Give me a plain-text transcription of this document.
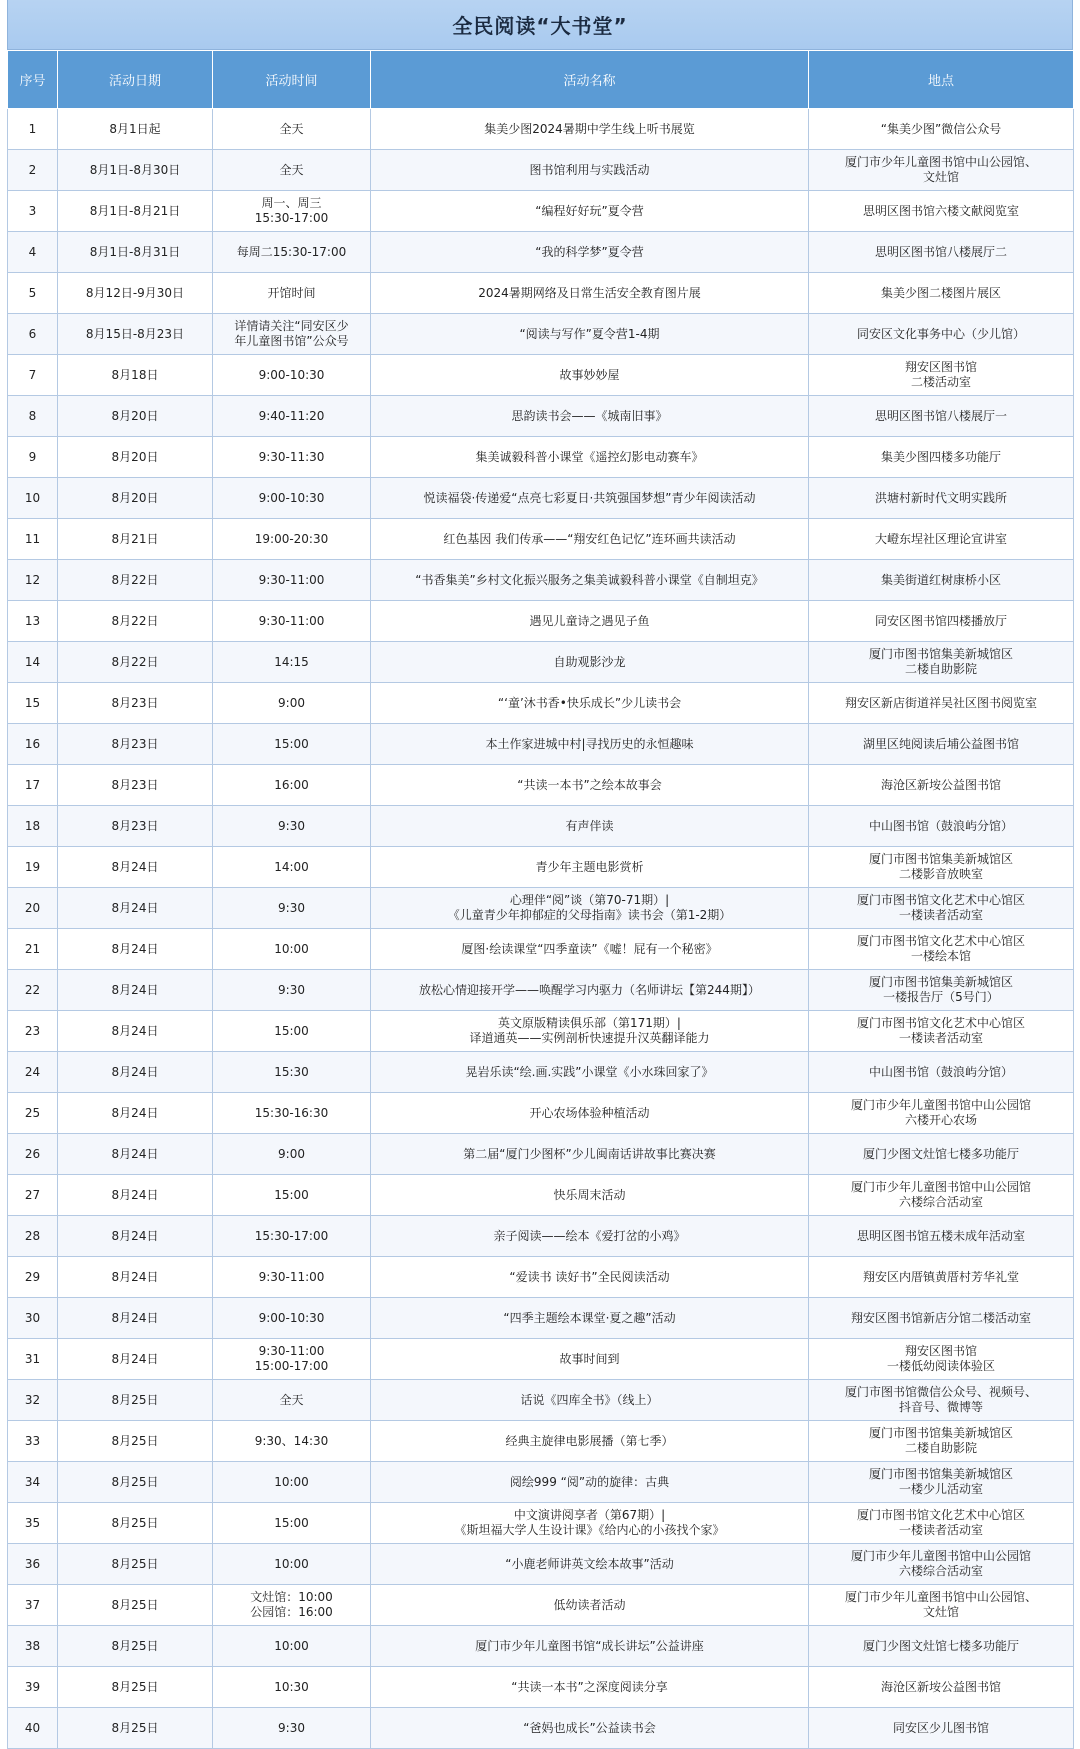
全民阅读“大书堂”
序号	活动日期	活动时间	活动名称	地点
1	8月1日起	全天	集美少图2024暑期中学生线上听书展览	“集美少图”微信公众号
2	8月1日-8月30日	全天	图书馆利用与实践活动	厦门市少年儿童图书馆中山公园馆、
文灶馆
3	8月1日-8月21日	周一、周三
15:30-17:00	“编程好好玩”夏令营	思明区图书馆六楼文献阅览室
4	8月1日-8月31日	每周二15:30-17:00	“我的科学梦”夏令营	思明区图书馆八楼展厅二
5	8月12日-9月30日	开馆时间	2024暑期网络及日常生活安全教育图片展	集美少图二楼图片展区
6	8月15日-8月23日	详情请关注“同安区少
年儿童图书馆”公众号	“阅读与写作”夏令营1-4期	同安区文化事务中心（少儿馆）
7	8月18日	9:00-10:30	故事妙妙屋	翔安区图书馆
二楼活动室
8	8月20日	9:40-11:20	思韵读书会——《城南旧事》	思明区图书馆八楼展厅一
9	8月20日	9:30-11:30	集美诚毅科普小课堂《遥控幻影电动赛车》	集美少图四楼多功能厅
10	8月20日	9:00-10:30	悦读福袋·传递爱“点亮七彩夏日·共筑强国梦想”青少年阅读活动	洪塘村新时代文明实践所
11	8月21日	19:00-20:30	红色基因 我们传承——“翔安红色记忆”连环画共读活动	大嶝东埕社区理论宣讲室
12	8月22日	9:30-11:00	“书香集美”乡村文化振兴服务之集美诚毅科普小课堂《自制坦克》	集美街道红树康桥小区
13	8月22日	9:30-11:00	遇见儿童诗之遇见子鱼	同安区图书馆四楼播放厅
14	8月22日	14:15	自助观影沙龙	厦门市图书馆集美新城馆区
二楼自助影院
15	8月23日	9:00	“‘童’沐书香•快乐成长”少儿读书会	翔安区新店街道祥吴社区图书阅览室
16	8月23日	15:00	本土作家进城中村|寻找历史的永恒趣味	湖里区纯阅读后埔公益图书馆
17	8月23日	16:00	“共读一本书”之绘本故事会	海沧区新垵公益图书馆
18	8月23日	9:30	有声伴读	中山图书馆（鼓浪屿分馆）
19	8月24日	14:00	青少年主题电影赏析	厦门市图书馆集美新城馆区
二楼影音放映室
20	8月24日	9:30	心理伴“阅”谈（第70-71期）|
《儿童青少年抑郁症的父母指南》读书会（第1-2期）	厦门市图书馆文化艺术中心馆区
一楼读者活动室
21	8月24日	10:00	厦图·绘读课堂“四季童读”《嘘！屁有一个秘密》	厦门市图书馆文化艺术中心馆区
一楼绘本馆
22	8月24日	9:30	放松心情迎接开学——唤醒学习内驱力（名师讲坛【第244期】）	厦门市图书馆集美新城馆区
一楼报告厅（5号门）
23	8月24日	15:00	英文原版精读俱乐部（第171期）|
译道通英——实例剖析快速提升汉英翻译能力	厦门市图书馆文化艺术中心馆区
一楼读者活动室
24	8月24日	15:30	晃岩乐读“绘.画.实践”小课堂《小水珠回家了》	中山图书馆（鼓浪屿分馆）
25	8月24日	15:30-16:30	开心农场体验种植活动	厦门市少年儿童图书馆中山公园馆
六楼开心农场
26	8月24日	9:00	第二届“厦门少图杯”少儿闽南话讲故事比赛决赛	厦门少图文灶馆七楼多功能厅
27	8月24日	15:00	快乐周末活动	厦门市少年儿童图书馆中山公园馆
六楼综合活动室
28	8月24日	15:30-17:00	亲子阅读——绘本《爱打岔的小鸡》	思明区图书馆五楼未成年活动室
29	8月24日	9:30-11:00	“爱读书 读好书”全民阅读活动	翔安区内厝镇黄厝村芳华礼堂
30	8月24日	9:00-10:30	“四季主题绘本课堂·夏之趣”活动	翔安区图书馆新店分馆二楼活动室
31	8月24日	9:30-11:00
15:00-17:00	故事时间到	翔安区图书馆
一楼低幼阅读体验区
32	8月25日	全天	话说《四库全书》（线上）	厦门市图书馆微信公众号、视频号、
抖音号、微博等
33	8月25日	9:30、14:30	经典主旋律电影展播（第七季）	厦门市图书馆集美新城馆区
二楼自助影院
34	8月25日	10:00	阅绘999 “阅”动的旋律：古典	厦门市图书馆集美新城馆区
一楼少儿活动室
35	8月25日	15:00	中文演讲阅享者（第67期）|
《斯坦福大学人生设计课》《给内心的小孩找个家》	厦门市图书馆文化艺术中心馆区
一楼读者活动室
36	8月25日	10:00	“小鹿老师讲英文绘本故事”活动	厦门市少年儿童图书馆中山公园馆
六楼综合活动室
37	8月25日	文灶馆：10:00
公园馆：16:00	低幼读者活动	厦门市少年儿童图书馆中山公园馆、
文灶馆
38	8月25日	10:00	厦门市少年儿童图书馆“成长讲坛”公益讲座	厦门少图文灶馆七楼多功能厅
39	8月25日	10:30	“共读一本书”之深度阅读分享	海沧区新垵公益图书馆
40	8月25日	9:30	“爸妈也成长”公益读书会	同安区少儿图书馆
